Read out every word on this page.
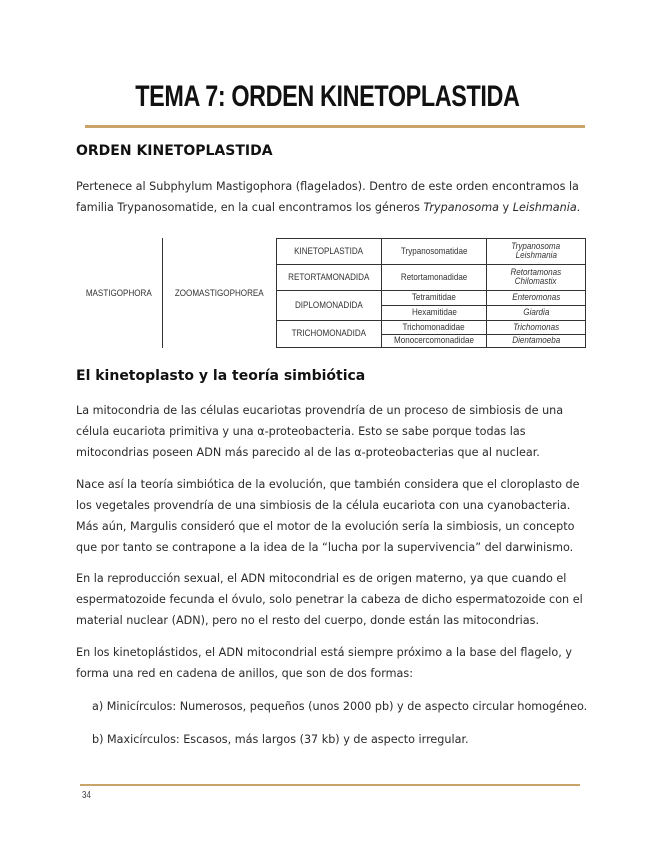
TEMA 7: ORDEN KINETOPLASTIDA
ORDEN KINETOPLASTIDA
Pertenece al Subphylum Mastigophora (flagelados). Dentro de este orden encontramos la
familia Trypanosomatide, en la cual encontramos los géneros Trypanosoma y Leishmania.
MASTIGOPHORA ZOOMASTIGOPHOREA
KINETOPLASTIDA
RETORTAMONADIDA
DIPLOMONADIDA
TRICHOMONADIDA
Trypanosomatidae
Retortamonadidae
Tetramitidae
Hexamitidae
Trichomonadidae
Monocercomonadidae
Trypanosoma
Leishmania
Retortamonas
Chilomastix
Enteromonas
Giardia
Trichomonas
Dientamoeba
El kinetoplasto y la teoría simbiótica
La mitocondria de las células eucariotas provendría de un proceso de simbiosis de una célula eucariota primitiva y una α-proteobacteria. Esto se sabe porque todas las mitocondrias poseen ADN más parecido al de las α-proteobacterias que al nuclear.
Nace así la teoría simbiótica de la evolución, que también considera que el cloroplasto de los vegetales provendría de una simbiosis de la célula eucariota con una cyanobacteria. Más aún, Margulis consideró que el motor de la evolución sería la simbiosis, un concepto que por tanto se contrapone a la idea de la “lucha por la supervivencia” del darwinismo.
En la reproducción sexual, el ADN mitocondrial es de origen materno, ya que cuando el espermatozoide fecunda el óvulo, solo penetrar la cabeza de dicho espermatozoide con el material nuclear (ADN), pero no el resto del cuerpo, donde están las mitocondrias.
En los kinetoplástidos, el ADN mitocondrial está siempre próximo a la base del flagelo, y forma una red en cadena de anillos, que son de dos formas:
a) Minicírculos: Numerosos, pequeños (unos 2000 pb) y de aspecto circular homogéneo.
b) Maxicírculos: Escasos, más largos (37 kb) y de aspecto irregular.
34
